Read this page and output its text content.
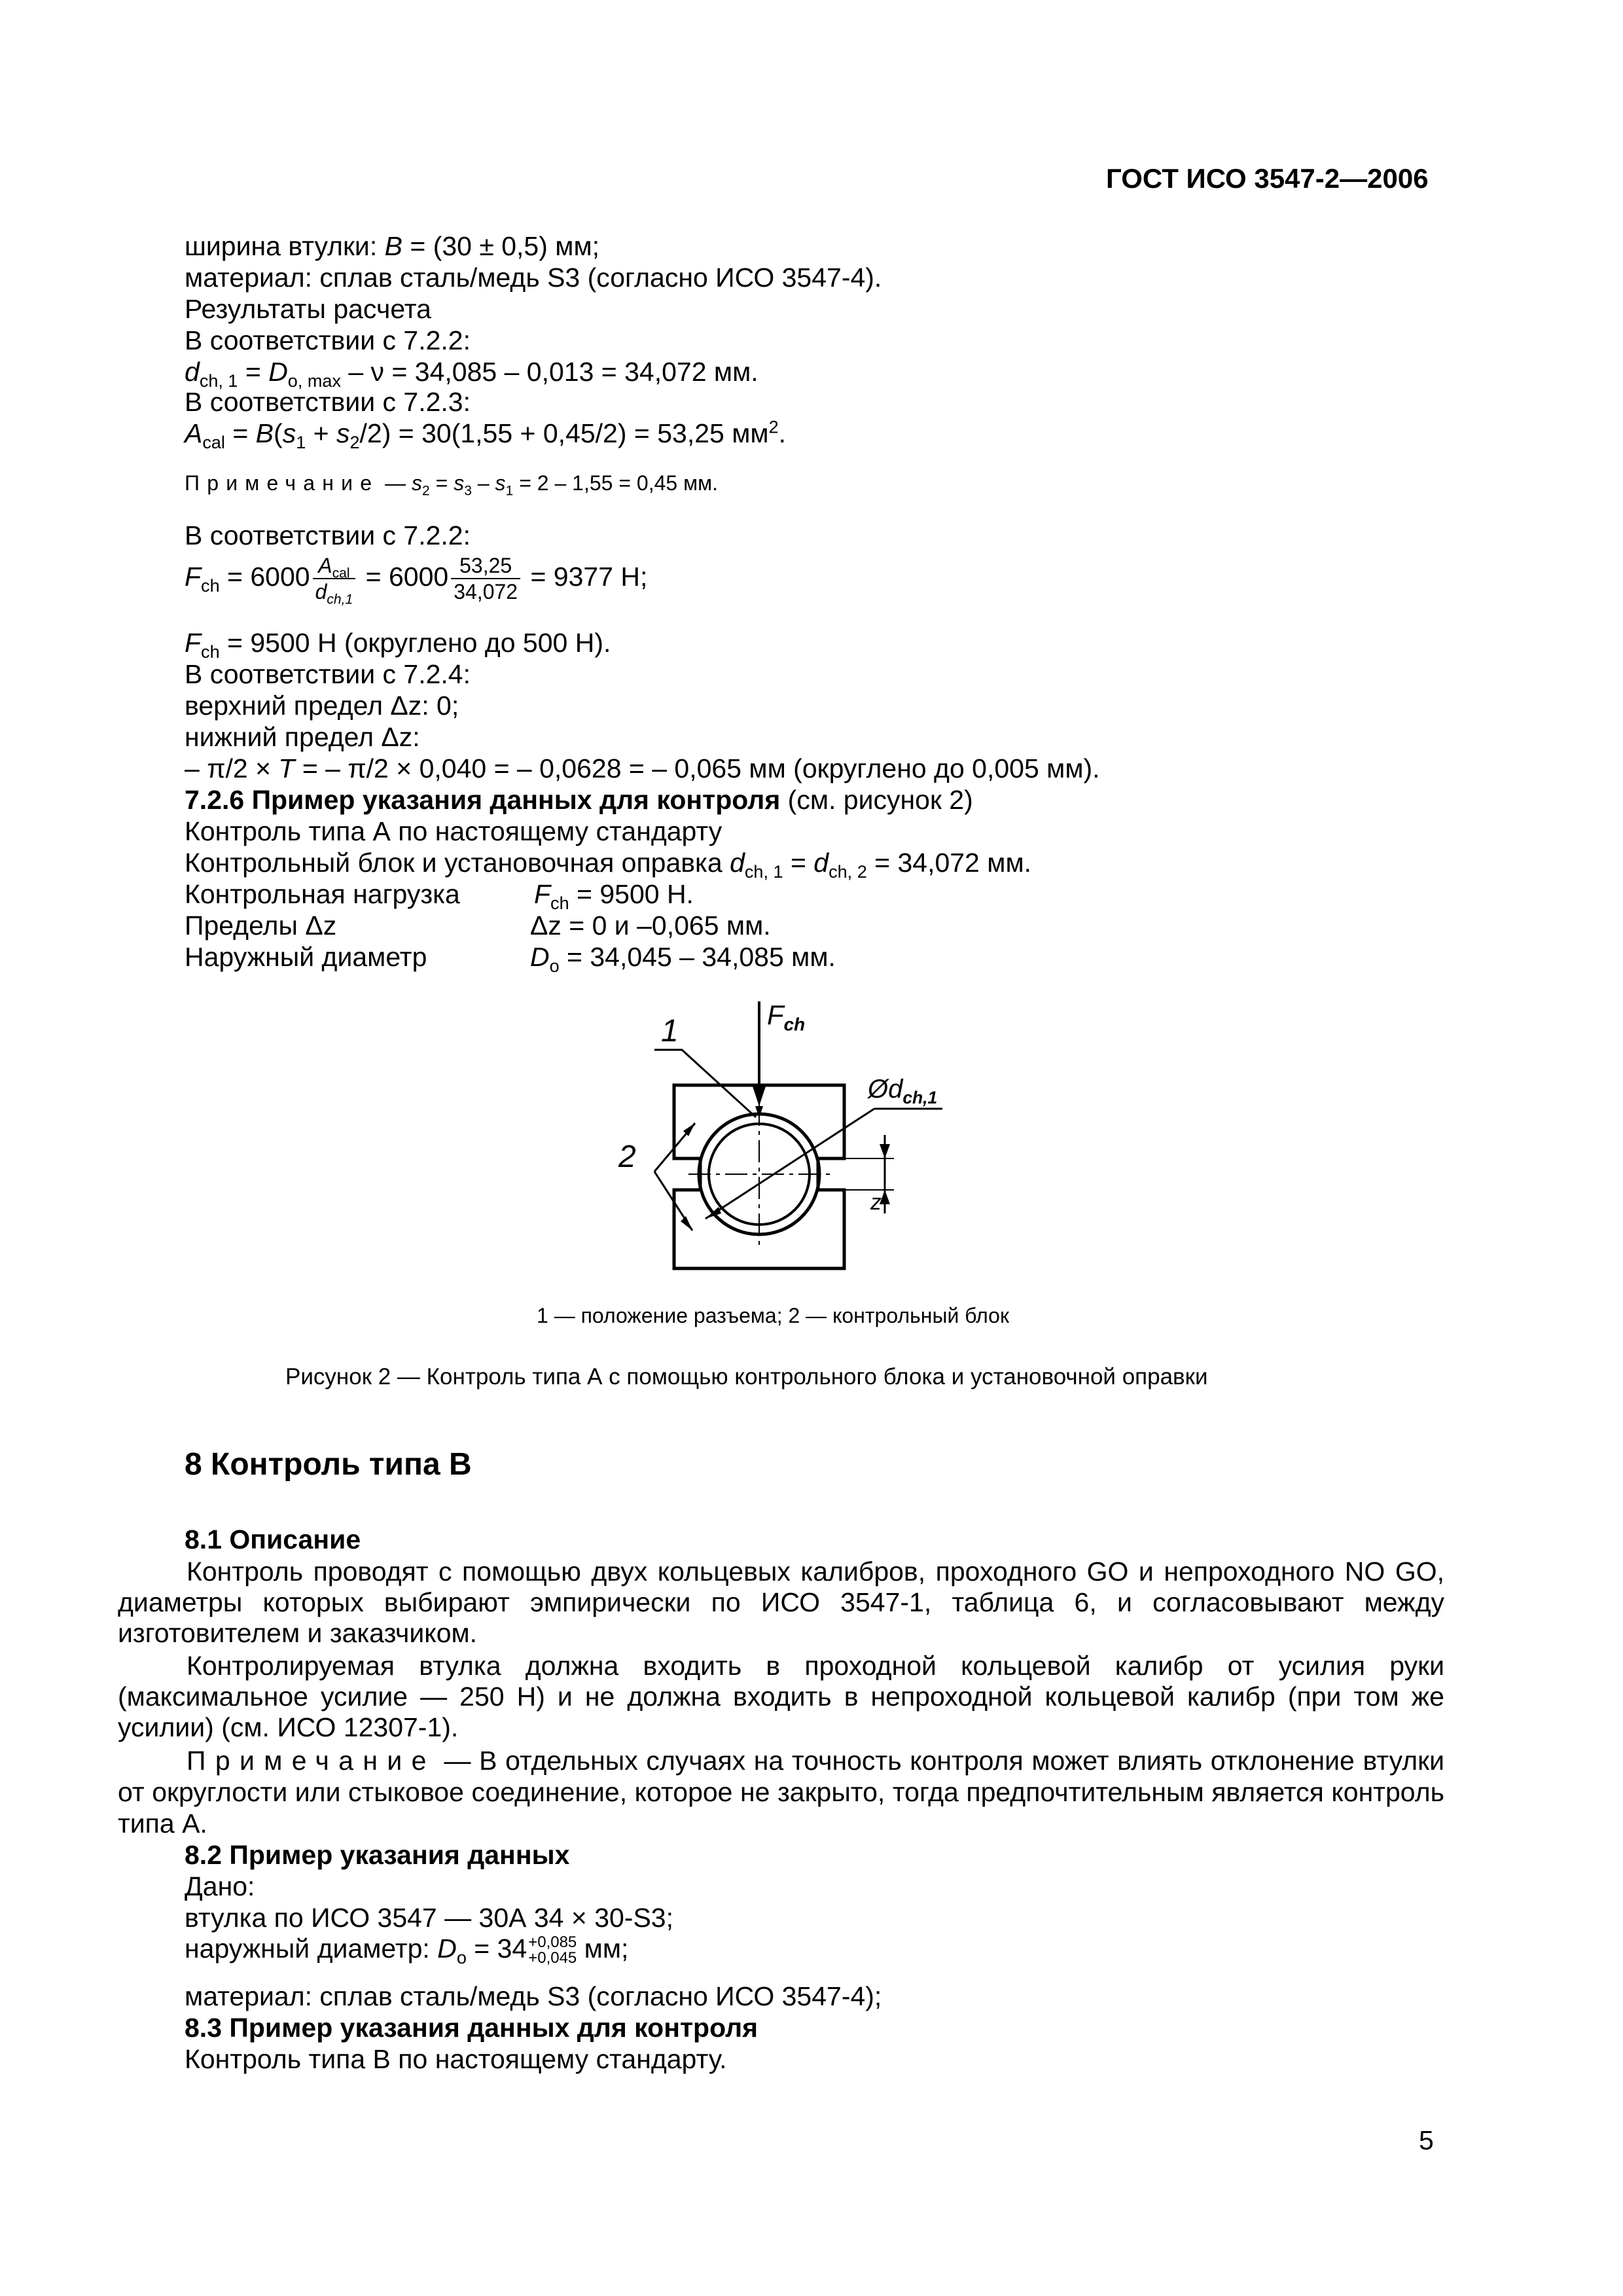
ГОСТ ИСО 3547-2—2006
ширина втулки: B = (30 ± 0,5) мм;
материал: сплав сталь/медь S3 (согласно ИСО 3547-4).
Результаты расчета
В соответствии с 7.2.2:
$d_{ch, 1} = D_{o, max} - \nu = 34,085 - 0,013 = 34,072$ мм.
В соответствии с 7.2.3:
$A_{cal} = B(s_1 + s_2/2) = 30(1,55 + 0,45/2) = 53,25$ $мм^2$.
Примечание — $s_2 = s_3 - s_1 = 2 - 1,55 = 0,45$ мм.
В соответствии с 7.2.2:
$F_{ch} = 6000 \frac{A_{cal}}{d_{ch,1}} = 6000 \frac{53,25}{34,072} = 9377$ Н;
$F_{ch} = 9500$ Н (округлено до 500 Н).
В соответствии с 7.2.4:
верхний предел Δz: 0;
нижний предел Δz:
– π/2 × T = – π/2 × 0,040 = – 0,0628 = – 0,065 мм (округлено до 0,005 мм).
7.2.6 Пример указания данных для контроля (см. рисунок 2)
Контроль типа А по настоящему стандарту
Контрольный блок и установочная оправка $d_{ch, 1} = d_{ch, 2} = 34,072$ мм.
Контрольная нагрузка	$F_{ch} = 9500$ Н.
Пределы Δz	Δz = 0 и –0,065 мм.
Наружный диаметр	$D_o = 34,045 - 34,085$ мм.
$F_{ch}$
1
2
$Ød_{ch,1}$
z
1 — положение разъема; 2 — контрольный блок
Рисунок 2 — Контроль типа А с помощью контрольного блока и установочной оправки
8 Контроль типа В
8.1 Описание
Контроль проводят с помощью двух кольцевых калибров, проходного GO и непроходного NO GO, диаметры которых выбирают эмпирически по ИСО 3547-1, таблица 6, и согласовывают между изготовителем и заказчиком.
Контролируемая втулка должна входить в проходной кольцевой калибр от усилия руки (максимальное усилие — 250 Н) и не должна входить в непроходной кольцевой калибр (при том же усилии) (см. ИСО 12307-1).
Примечание — В отдельных случаях на точность контроля может влиять отклонение втулки от округлости или стыковое соединение, которое не закрыто, тогда предпочтительным является контроль типа А.
8.2 Пример указания данных
Дано:
втулка по ИСО 3547 — 30А 34 × 30-S3;
наружный диаметр: $D_o = 34 +0,085$
+0,045 мм;
материал: сплав сталь/медь S3 (согласно ИСО 3547-4);
8.3 Пример указания данных для контроля
Контроль типа В по настоящему стандарту.
5
